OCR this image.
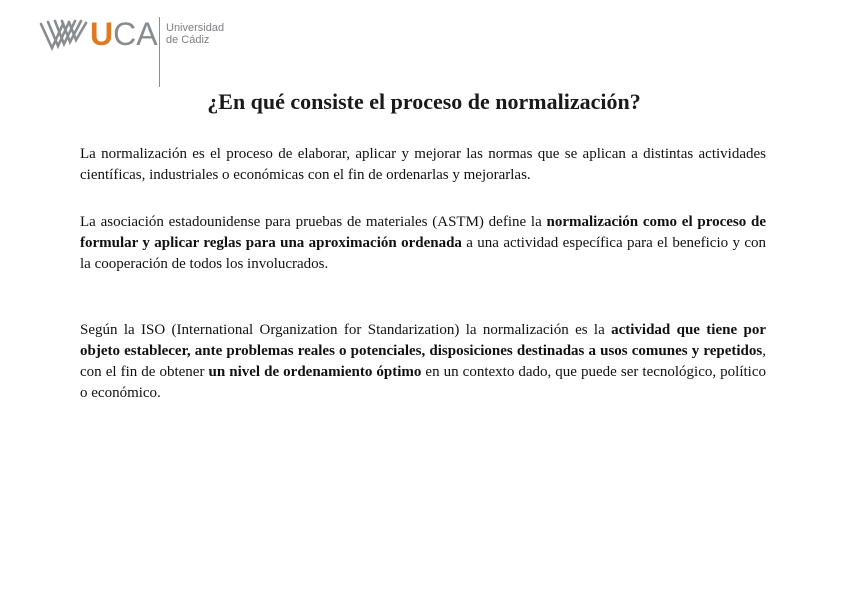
UCA Universidad
de Cádiz
¿En qué consiste el proceso de normalización?

La normalización es el proceso de elaborar, aplicar y mejorar las normas que se aplican a distintas actividades científicas, industriales o económicas con el fin de ordenarlas y mejorarlas.

La asociación estadounidense para pruebas de materiales (ASTM) define la normalización como el proceso de formular y aplicar reglas para una aproximación ordenada a una actividad específica para el beneficio y con la cooperación de todos los involucrados.

Según la ISO (International Organization for Standarization) la normalización es la actividad que tiene por objeto establecer, ante problemas reales o potenciales, disposiciones destinadas a usos comunes y repetidos, con el fin de obtener un nivel de ordenamiento óptimo en un contexto dado, que puede ser tecnológico, político o económico.
